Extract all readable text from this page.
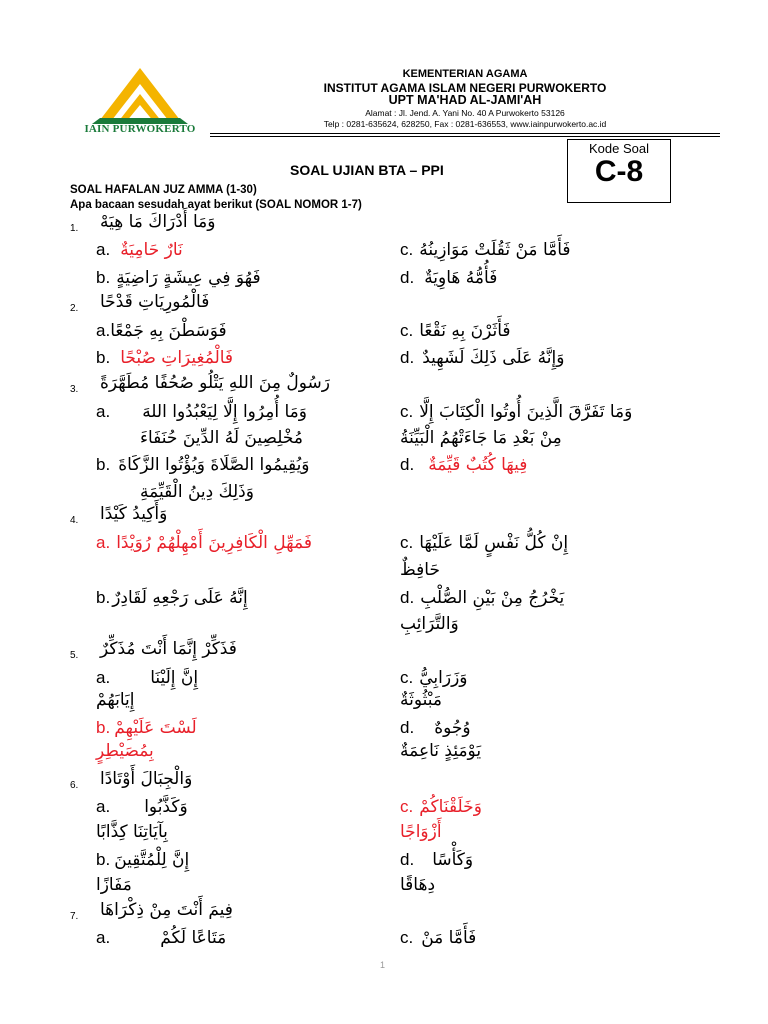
IAIN PURWOKERTO
KEMENTERIAN AGAMA
INSTITUT AGAMA ISLAM NEGERI PURWOKERTO
UPT MA'HAD AL-JAMI'AH
Alamat : Jl. Jend. A. Yani No. 40 A Purwokerto 53126
Telp : 0281-635624, 628250, Fax : 0281-636553, www.iainpurwokerto.ac.id
Kode Soal
C-8
SOAL UJIAN BTA – PPI
SOAL HAFALAN JUZ AMMA (1-30)
Apa bacaan sesudah ayat berikut (SOAL NOMOR 1-7)
1. وَمَا أَدْرَاكَ مَا هِيَهْ
a. نَارٌ حَامِيَةٌ
b. فَهُوَ فِي عِيشَةٍ رَاضِيَةٍ
c. فَأَمَّا مَنْ ثَقُلَتْ مَوَازِينُهُ
d. فَأُمُّهُ هَاوِيَةٌ
2. فَالْمُورِيَاتِ قَدْحًا
a. فَوَسَطْنَ بِهِ جَمْعًا
b. فَالْمُغِيرَاتِ صُبْحًا
c. فَأَثَرْنَ بِهِ نَقْعًا
d. وَإِنَّهُ عَلَى ذَلِكَ لَشَهِيدٌ
3. رَسُولٌ مِنَ اللهِ يَتْلُو صُحُفًا مُطَهَّرَةً
a. وَمَا أُمِرُوا إِلَّا لِيَعْبُدُوا اللهَ
مُخْلِصِينَ لَهُ الدِّينَ حُنَفَاءَ
b. وَيُقِيمُوا الصَّلَاةَ وَيُؤْتُوا الزَّكَاةَ
وَذَلِكَ دِينُ الْقَيِّمَةِ
c. وَمَا تَفَرَّقَ الَّذِينَ أُوتُوا الْكِتَابَ إِلَّا
مِنْ بَعْدِ مَا جَاءَتْهُمُ الْبَيِّنَةُ
d. فِيهَا كُتُبٌ قَيِّمَةٌ
4. وَأَكِيدُ كَيْدًا
a. فَمَهِّلِ الْكَافِرِينَ أَمْهِلْهُمْ رُوَيْدًا
b. إِنَّهُ عَلَى رَجْعِهِ لَقَادِرٌ
c. إِنْ كُلُّ نَفْسٍ لَمَّا عَلَيْهَا
حَافِظٌ
d. يَخْرُجُ مِنْ بَيْنِ الصُّلْبِ
وَالتَّرَائِبِ
5. فَذَكِّرْ إِنَّمَا أَنْتَ مُذَكِّرٌ
a. إِنَّ إِلَيْنَا
إِيَابَهُمْ
b. لَسْتَ عَلَيْهِمْ
بِمُصَيْطِرٍ
c. وَزَرَابِيُّ
مَبْثُوثَةٌ
d. وُجُوهٌ
يَوْمَئِذٍ نَاعِمَةٌ
6. وَالْجِبَالَ أَوْتَادًا
a. وَكَذَّبُوا
بِآيَاتِنَا كِذَّابًا
b. إِنَّ لِلْمُتَّقِينَ
مَفَازًا
c. وَخَلَقْنَاكُمْ
أَزْوَاجًا
d. وَكَأْسًا
دِهَاقًا
7. فِيمَ أَنْتَ مِنْ ذِكْرَاهَا
a.	مَتَاعًا لَكُمْ	c. فَأَمَّا مَنْ
1
